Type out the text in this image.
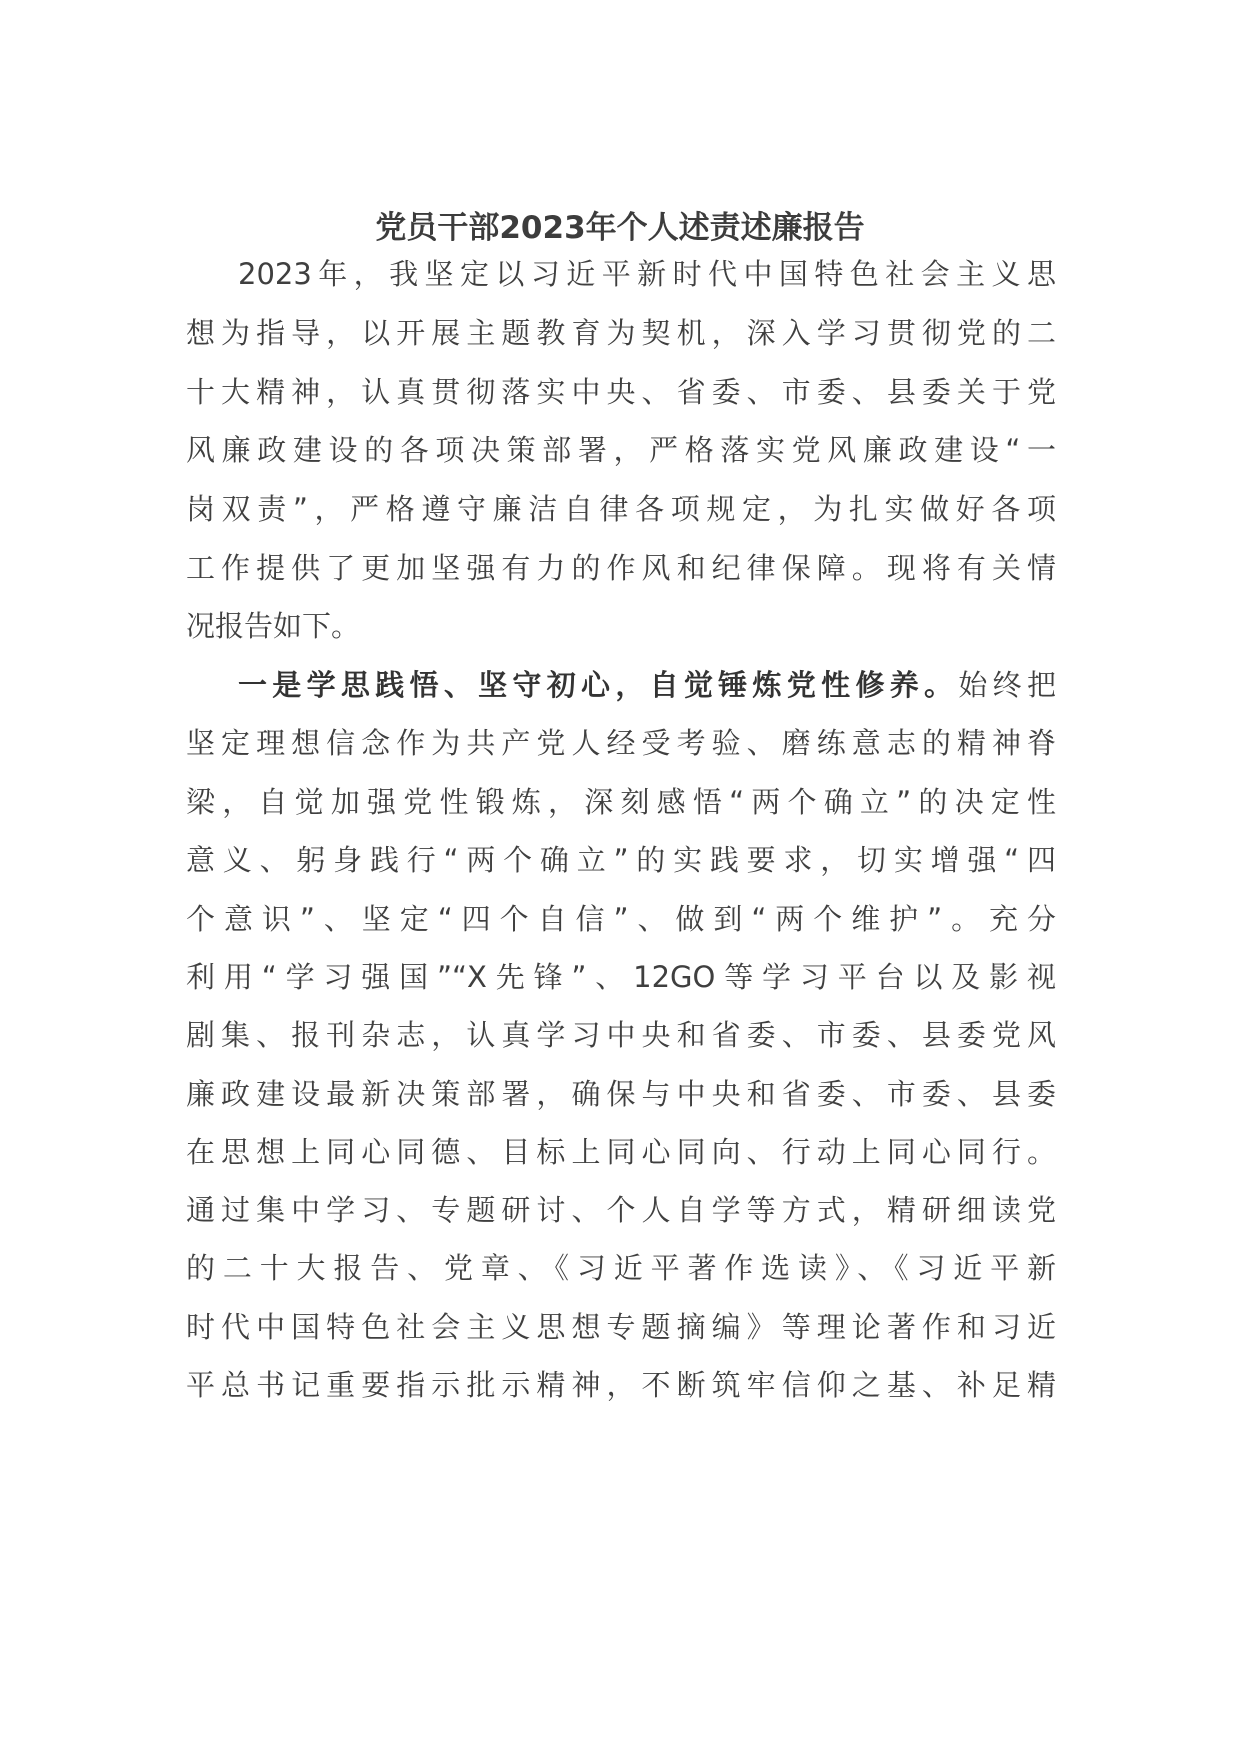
党员干部2023年个人述责述廉报告
2023年，我坚定以习近平新时代中国特色社会主义思
想为指导，以开展主题教育为契机，深入学习贯彻党的二
十大精神，认真贯彻落实中央、省委、市委、县委关于党
风廉政建设的各项决策部署，严格落实党风廉政建设“一
岗双责”，严格遵守廉洁自律各项规定，为扎实做好各项
工作提供了更加坚强有力的作风和纪律保障。现将有关情
况报告如下。
一是学思践悟、坚守初心，自觉锤炼党性修养。始终把
坚定理想信念作为共产党人经受考验、磨练意志的精神脊
梁，自觉加强党性锻炼，深刻感悟“两个确立”的决定性
意义、躬身践行“两个确立”的实践要求，切实增强“四
个意识”、坚定“四个自信”、做到“两个维护”。充分
利用“学习强国”“X先锋”、12GO等学习平台以及影视
剧集、报刊杂志，认真学习中央和省委、市委、县委党风
廉政建设最新决策部署，确保与中央和省委、市委、县委
在思想上同心同德、目标上同心同向、行动上同心同行。
通过集中学习、专题研讨、个人自学等方式，精研细读党
的二十大报告、党章、《习近平著作选读》、《习近平新
时代中国特色社会主义思想专题摘编》等理论著作和习近
平总书记重要指示批示精神，不断筑牢信仰之基、补足精
